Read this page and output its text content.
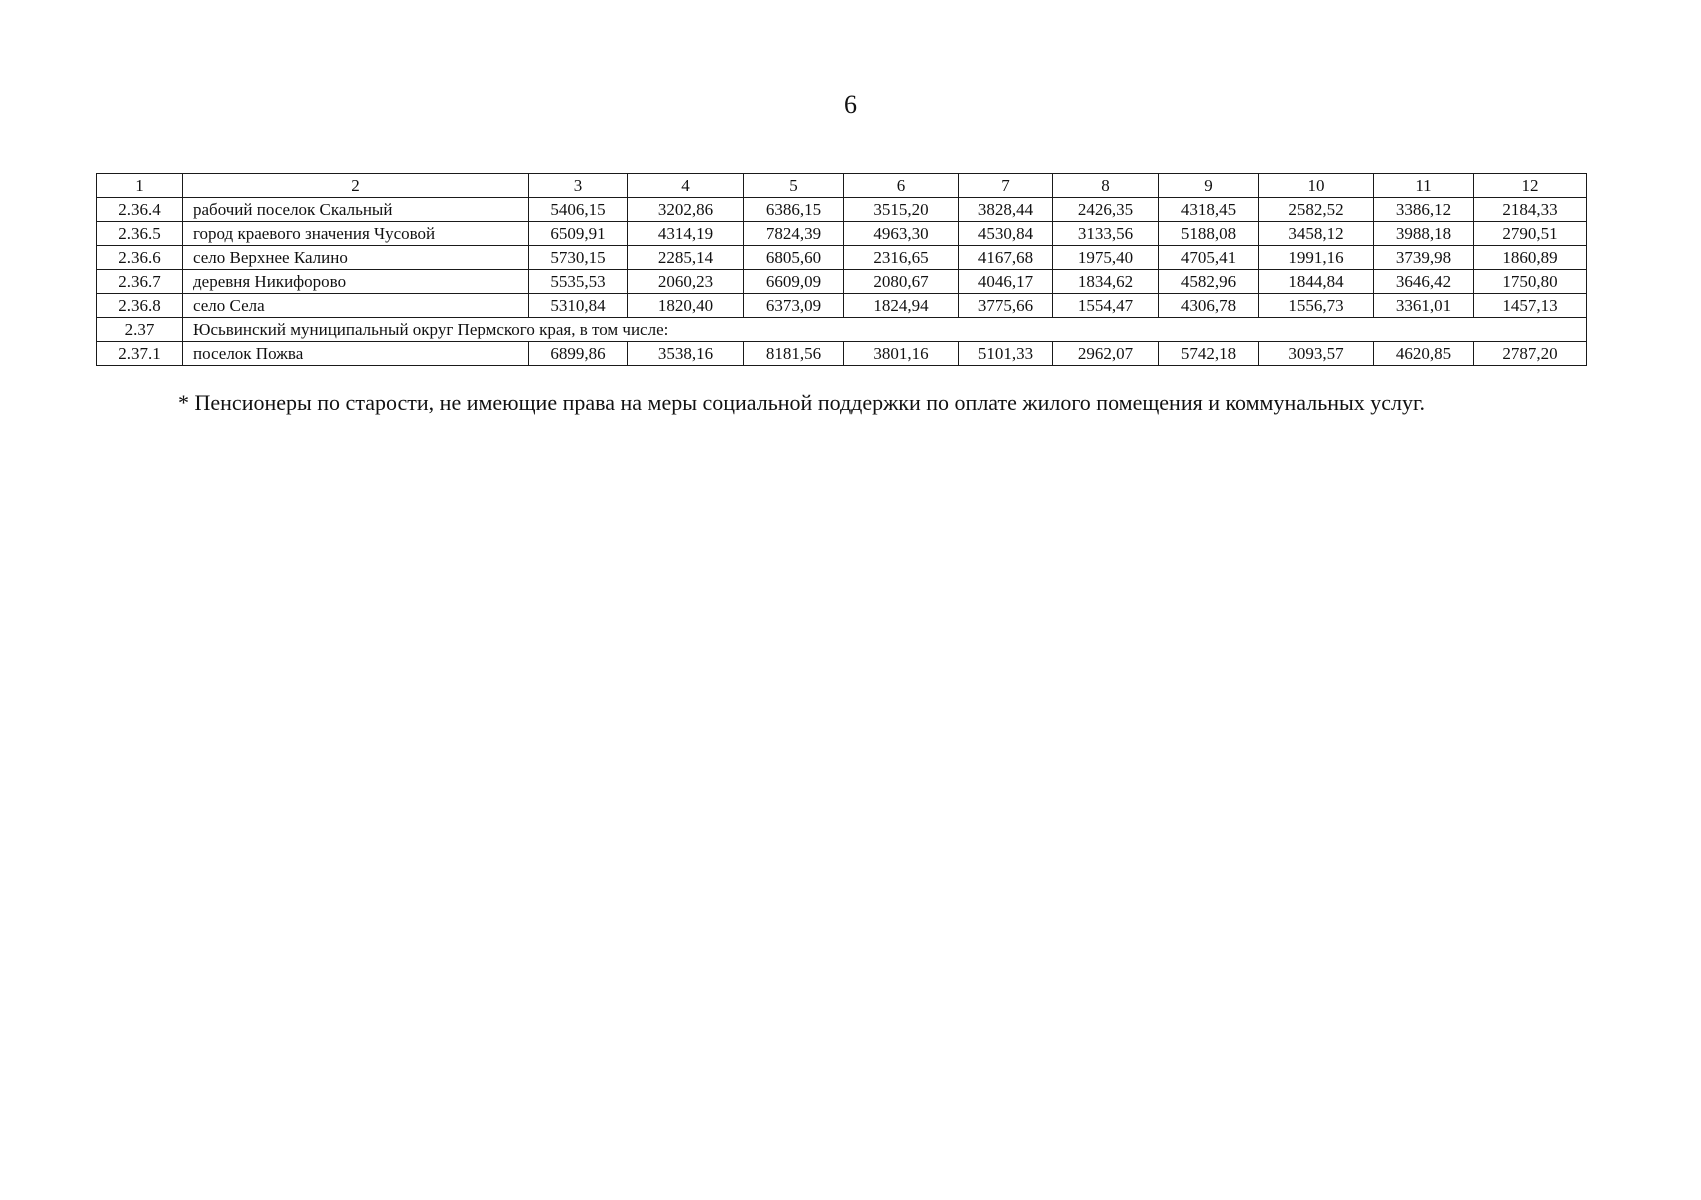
6
1	2	3	4	5	6	7	8	9	10	11	12
2.36.4	рабочий поселок Скальный	5406,15	3202,86	6386,15	3515,20	3828,44	2426,35	4318,45	2582,52	3386,12	2184,33
2.36.5	город краевого значения Чусовой	6509,91	4314,19	7824,39	4963,30	4530,84	3133,56	5188,08	3458,12	3988,18	2790,51
2.36.6	село Верхнее Калино	5730,15	2285,14	6805,60	2316,65	4167,68	1975,40	4705,41	1991,16	3739,98	1860,89
2.36.7	деревня Никифорово	5535,53	2060,23	6609,09	2080,67	4046,17	1834,62	4582,96	1844,84	3646,42	1750,80
2.36.8	село Села	5310,84	1820,40	6373,09	1824,94	3775,66	1554,47	4306,78	1556,73	3361,01	1457,13
2.37	Юсьвинский муниципальный округ Пермского края, в том числе:										
2.37.1	поселок Пожва	6899,86	3538,16	8181,56	3801,16	5101,33	2962,07	5742,18	3093,57	4620,85	2787,20
* Пенсионеры по старости, не имеющие права на меры социальной поддержки по оплате жилого помещения и коммунальных услуг.
